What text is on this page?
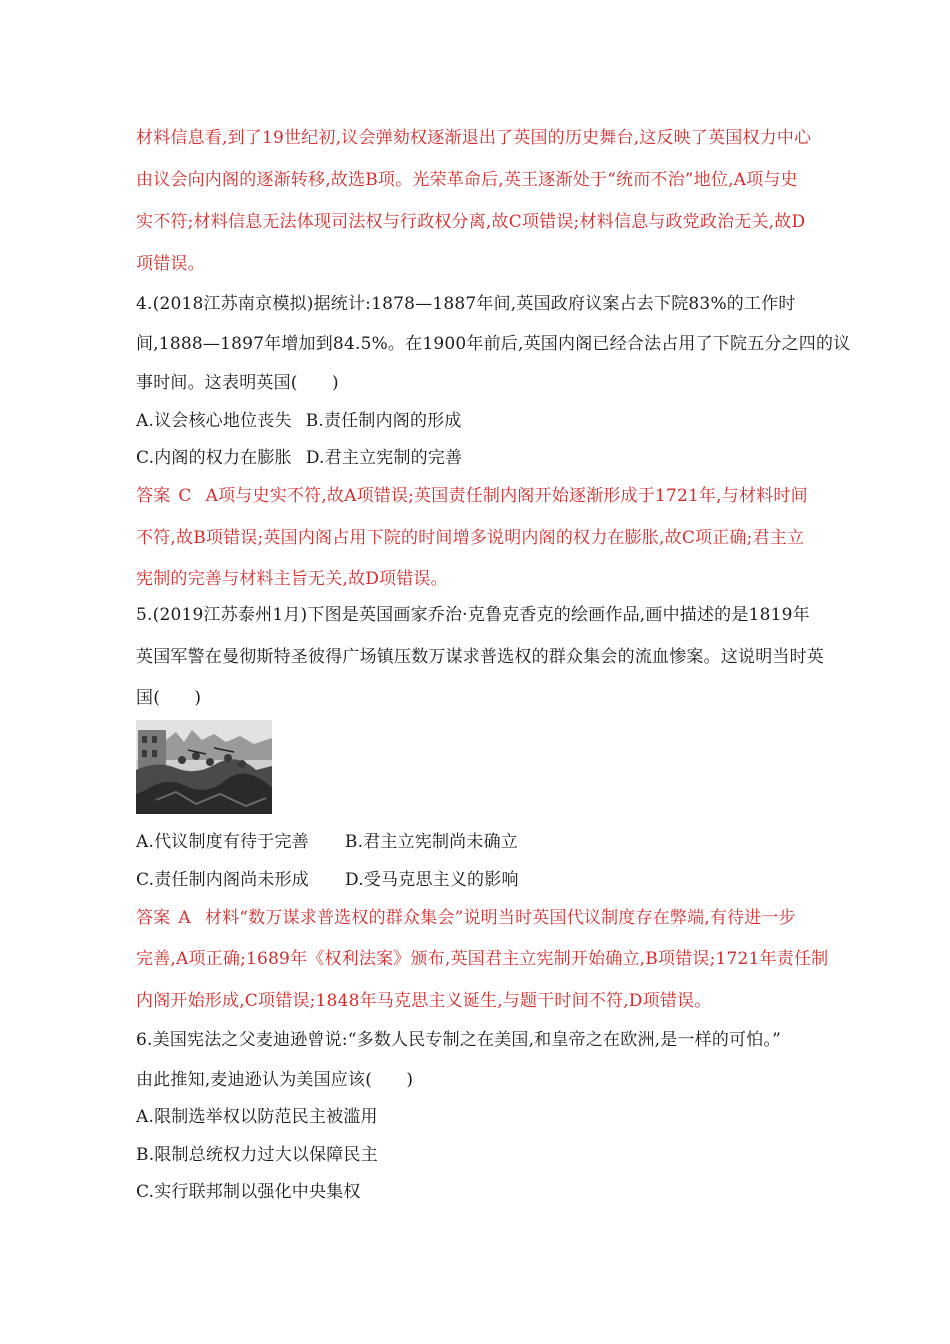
材料信息看,到了19世纪初,议会弹劾权逐渐退出了英国的历史舞台,这反映了英国权力中心
由议会向内阁的逐渐转移,故选B项。光荣革命后,英王逐渐处于“统而不治”地位,A项与史
实不符;材料信息无法体现司法权与行政权分离,故C项错误;材料信息与政党政治无关,故D
项错误。
4.(2018江苏南京模拟)据统计:1878—1887年间,英国政府议案占去下院83%的工作时
间,1888—1897年增加到84.5%。在1900年前后,英国内阁已经合法占用了下院五分之四的议
事时间。这表明英国(　　)
A.议会核心地位丧失 B.责任制内阁的形成
C.内阁的权力在膨胀 D.君主立宪制的完善
答案 C A项与史实不符,故A项错误;英国责任制内阁开始逐渐形成于1721年,与材料时间
不符,故B项错误;英国内阁占用下院的时间增多说明内阁的权力在膨胀,故C项正确;君主立
宪制的完善与材料主旨无关,故D项错误。
5.(2019江苏泰州1月)下图是英国画家乔治·克鲁克香克的绘画作品,画中描述的是1819年
英国军警在曼彻斯特圣彼得广场镇压数万谋求普选权的群众集会的流血惨案。这说明当时英
国(　　)
A.代议制度有待于完善 B.君主立宪制尚未确立
C.责任制内阁尚未形成 D.受马克思主义的影响
答案 A 材料“数万谋求普选权的群众集会”说明当时英国代议制度存在弊端,有待进一步
完善,A项正确;1689年《权利法案》颁布,英国君主立宪制开始确立,B项错误;1721年责任制
内阁开始形成,C项错误;1848年马克思主义诞生,与题干时间不符,D项错误。
6.美国宪法之父麦迪逊曾说:“多数人民专制之在美国,和皇帝之在欧洲,是一样的可怕。”
由此推知,麦迪逊认为美国应该(　　)
A.限制选举权以防范民主被滥用
B.限制总统权力过大以保障民主
C.实行联邦制以强化中央集权
